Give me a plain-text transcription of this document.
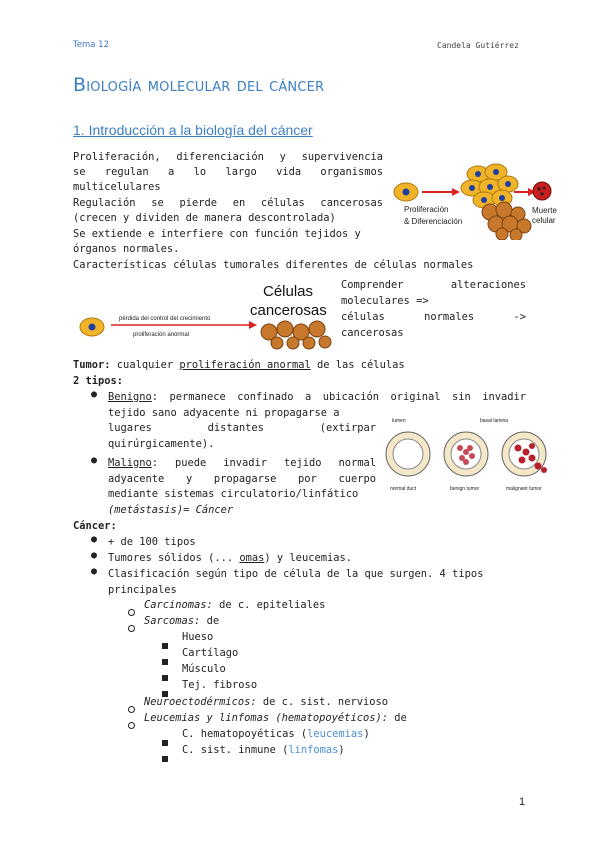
Tema 12	Candela Gutiérrez
Biología molecular del cáncer
1. Introducción a la biología del cáncer
Proliferación, diferenciación y supervivencia
se regulan a lo largo vida organismos
multicelulares
Regulación se pierde en células cancerosas
(crecen y dividen de manera descontrolada)
Se extiende e interfiere con función tejidos y
órganos normales.
Características células tumorales diferentes de células normales
Proliferación
& Diferenciación
Muerte
celular
pérdida del control del crecimiento
proliferación anormal
Células
cancerosas
Comprender alteraciones
moleculares =>
células normales ->
cancerosas
Tumor: cualquier proliferación anormal de las células
2 tipos:
● Benigno: permanece confinado a ubicación original sin invadir
tejido sano adyacente ni propagarse a
lugares distantes (extirpar
quirúrgicamente).
● Maligno: puede invadir tejido normal
adyacente y propagarse por cuerpo
mediante sistemas circulatorio/linfático
(metástasis)= Cáncer
lumen	basal lamina
normal duct	benign tumor	malignant tumor
Cáncer:
● + de 100 tipos
● Tumores sólidos (... omas) y leucemias.
● Clasificación según tipo de célula de la que surgen. 4 tipos
principales
Carcinomas: de c. epiteliales
Sarcomas: de
Hueso
Cartílago
Músculo
Tej. fibroso
Neuroectodérmicos: de c. sist. nervioso
Leucemias y linfomas (hematopoyéticos): de
C. hematopoyéticas (leucemias)
C. sist. inmune (linfomas)
1
